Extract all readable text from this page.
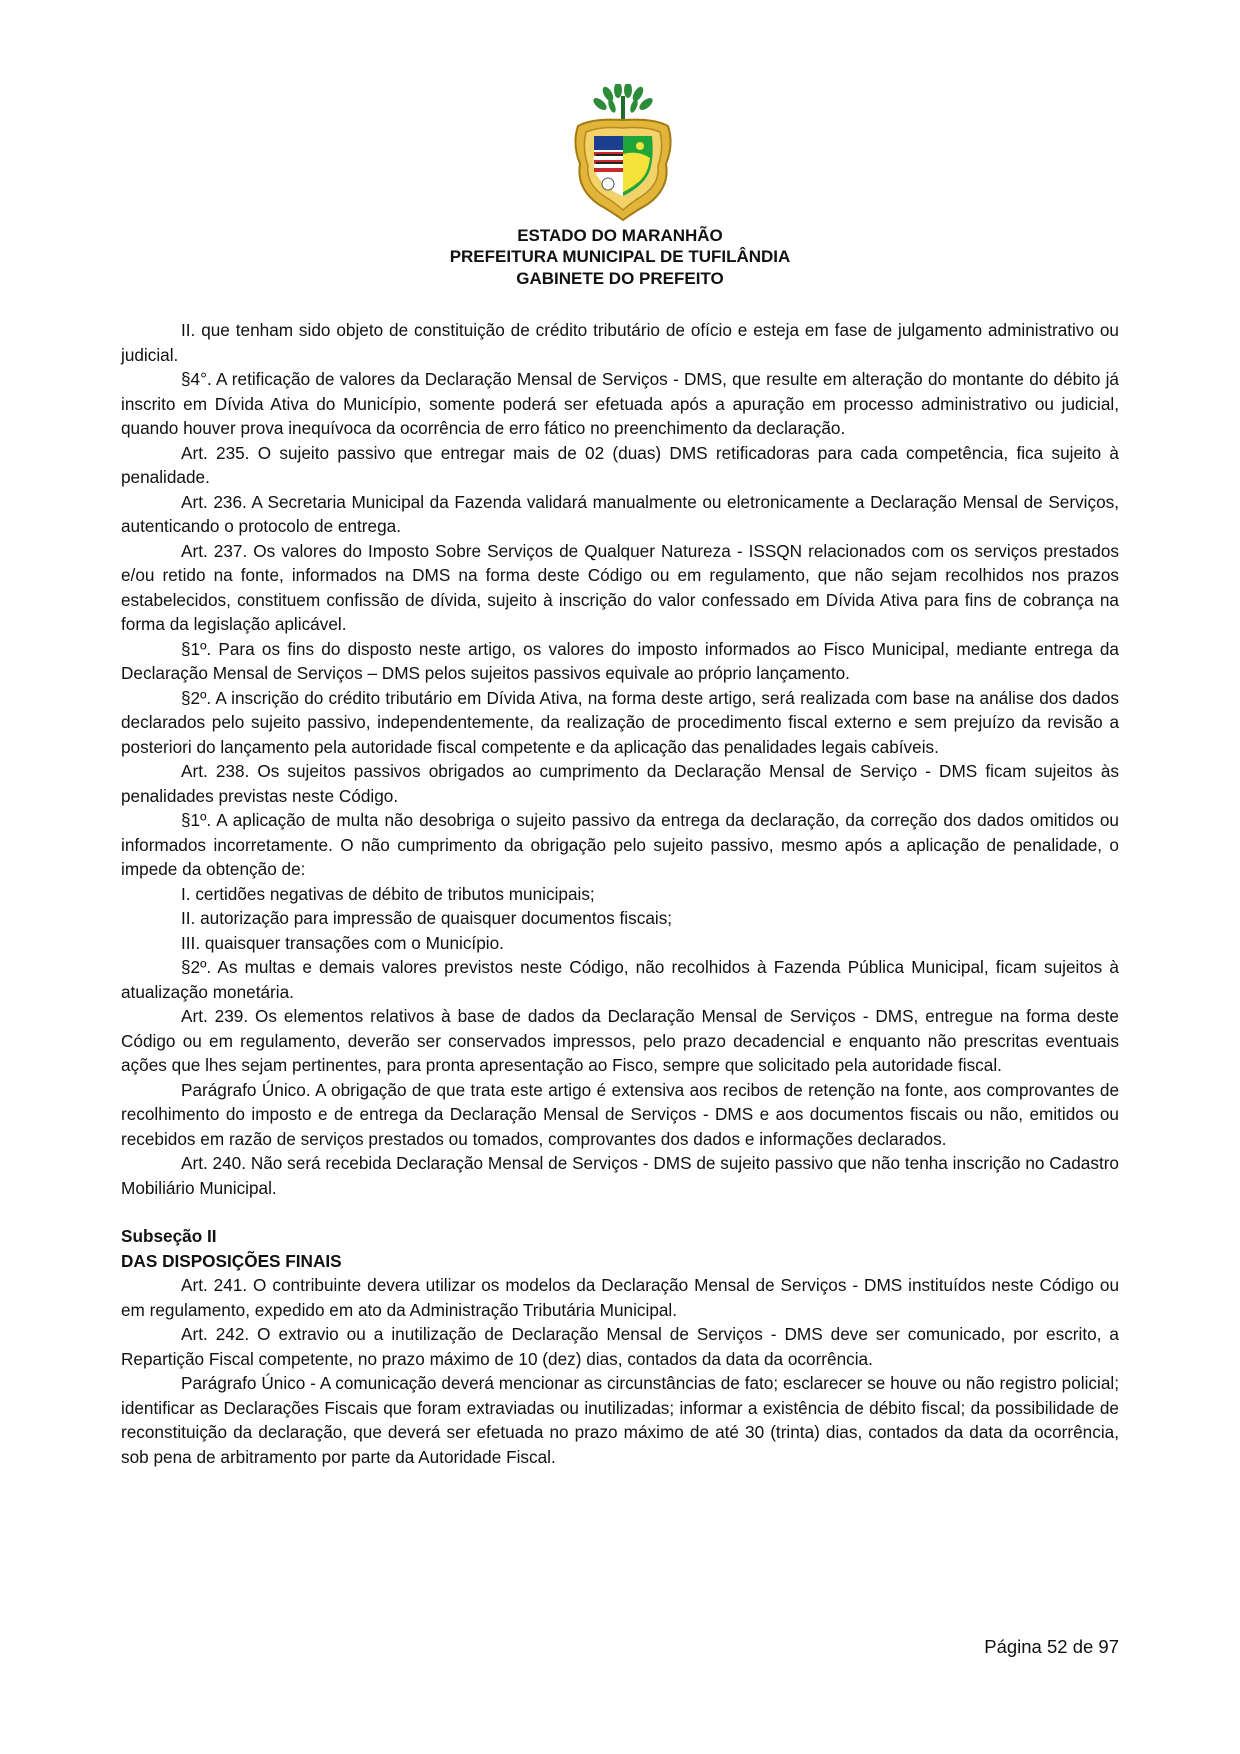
ESTADO DO MARANHÃO
PREFEITURA MUNICIPAL DE TUFILÂNDIA
GABINETE DO PREFEITO

II. que tenham sido objeto de constituição de crédito tributário de ofício e esteja em fase de julgamento administrativo ou judicial.

§4°. A retificação de valores da Declaração Mensal de Serviços - DMS, que resulte em alteração do montante do débito já inscrito em Dívida Ativa do Município, somente poderá ser efetuada após a apuração em processo administrativo ou judicial, quando houver prova inequívoca da ocorrência de erro fático no preenchimento da declaração.

Art. 235. O sujeito passivo que entregar mais de 02 (duas) DMS retificadoras para cada competência, fica sujeito à penalidade.

Art. 236. A Secretaria Municipal da Fazenda validará manualmente ou eletronicamente a Declaração Mensal de Serviços, autenticando o protocolo de entrega.

Art. 237. Os valores do Imposto Sobre Serviços de Qualquer Natureza - ISSQN relacionados com os serviços prestados e/ou retido na fonte, informados na DMS na forma deste Código ou em regulamento, que não sejam recolhidos nos prazos estabelecidos, constituem confissão de dívida, sujeito à inscrição do valor confessado em Dívida Ativa para fins de cobrança na forma da legislação aplicável.

§1º. Para os fins do disposto neste artigo, os valores do imposto informados ao Fisco Municipal, mediante entrega da Declaração Mensal de Serviços – DMS pelos sujeitos passivos equivale ao próprio lançamento.

§2º. A inscrição do crédito tributário em Dívida Ativa, na forma deste artigo, será realizada com base na análise dos dados declarados pelo sujeito passivo, independentemente, da realização de procedimento fiscal externo e sem prejuízo da revisão a posteriori do lançamento pela autoridade fiscal competente e da aplicação das penalidades legais cabíveis.

Art. 238. Os sujeitos passivos obrigados ao cumprimento da Declaração Mensal de Serviço - DMS ficam sujeitos às penalidades previstas neste Código.

§1º. A aplicação de multa não desobriga o sujeito passivo da entrega da declaração, da correção dos dados omitidos ou informados incorretamente. O não cumprimento da obrigação pelo sujeito passivo, mesmo após a aplicação de penalidade, o impede da obtenção de:

I. certidões negativas de débito de tributos municipais;

II. autorização para impressão de quaisquer documentos fiscais;

III. quaisquer transações com o Município.

§2º. As multas e demais valores previstos neste Código, não recolhidos à Fazenda Pública Municipal, ficam sujeitos à atualização monetária.

Art. 239. Os elementos relativos à base de dados da Declaração Mensal de Serviços - DMS, entregue na forma deste Código ou em regulamento, deverão ser conservados impressos, pelo prazo decadencial e enquanto não prescritas eventuais ações que lhes sejam pertinentes, para pronta apresentação ao Fisco, sempre que solicitado pela autoridade fiscal.

Parágrafo Único. A obrigação de que trata este artigo é extensiva aos recibos de retenção na fonte, aos comprovantes de recolhimento do imposto e de entrega da Declaração Mensal de Serviços - DMS e aos documentos fiscais ou não, emitidos ou recebidos em razão de serviços prestados ou tomados, comprovantes dos dados e informações declarados.

Art. 240. Não será recebida Declaração Mensal de Serviços - DMS de sujeito passivo que não tenha inscrição no Cadastro Mobiliário Municipal.

Subseção II

DAS DISPOSIÇÕES FINAIS

Art. 241. O contribuinte devera utilizar os modelos da Declaração Mensal de Serviços - DMS instituídos neste Código ou em regulamento, expedido em ato da Administração Tributária Municipal.

Art. 242. O extravio ou a inutilização de Declaração Mensal de Serviços - DMS deve ser comunicado, por escrito, a Repartição Fiscal competente, no prazo máximo de 10 (dez) dias, contados da data da ocorrência.

Parágrafo Único - A comunicação deverá mencionar as circunstâncias de fato; esclarecer se houve ou não registro policial; identificar as Declarações Fiscais que foram extraviadas ou inutilizadas; informar a existência de débito fiscal; da possibilidade de reconstituição da declaração, que deverá ser efetuada no prazo máximo de até 30 (trinta) dias, contados da data da ocorrência, sob pena de arbitramento por parte da Autoridade Fiscal.

Página 52 de 97
